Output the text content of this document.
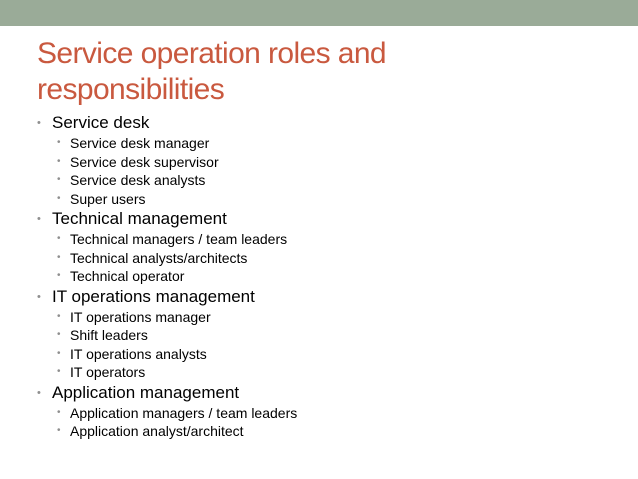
Service operation roles and responsibilities
• Service desk
• Service desk manager
• Service desk supervisor
• Service desk analysts
• Super users
• Technical management
• Technical managers / team leaders
• Technical analysts/architects
• Technical operator
• IT operations management
• IT operations manager
• Shift leaders
• IT operations analysts
• IT operators
• Application management
• Application managers / team leaders
• Application analyst/architect
